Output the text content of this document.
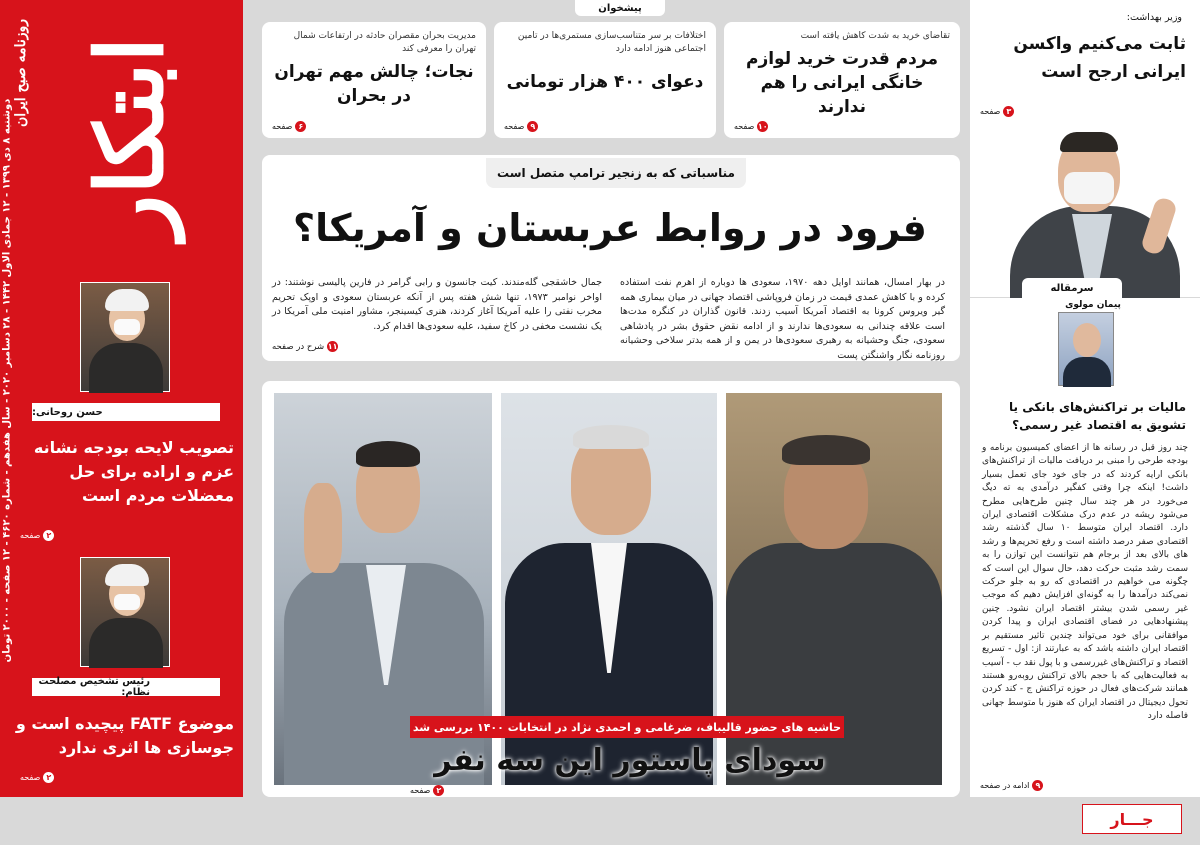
ابتکار
روزنامه صبح ایران
دوشنبه ۸ دی ۱۳۹۹ - ۱۲ جمادی الاول ۱۴۴۲ - ۲۸ دسامبر ۲۰۲۰ - سال هفدهم - شماره ۴۶۲۰ - ۱۲ صفحه - ۲۰۰۰ تومان
حسن روحانی:
تصویب لایحه بودجه نشانه عزم و اراده برای حل معضلات مردم است
۲
صفحه
رئیس تشخیص مصلحت نظام:
موضوع FATF پیچیده است و جوسازی ها اثری ندارد
۲
صفحه
پیشخوان
تقاضای خرید به شدت کاهش یافته است
مردم قدرت خرید لوازم خانگی ایرانی را هم ندارند
۱۰
صفحه
اختلافات بر سر متناسب‌سازی مستمری‌ها در تامین اجتماعی هنوز ادامه دارد
دعوای ۴۰۰ هزار تومانی
۹
صفحه
مدیریت بحران مقصران حادثه در ارتفاعات شمال تهران را معرفی کند
نجات؛ چالش مهم تهران در بحران
۶
صفحه
مناسباتی که به زنجیر ترامپ متصل است
فرود در روابط عربستان و آمریکا؟
در بهار امسال، همانند اوایل دهه ۱۹۷۰، سعودی ها دوباره از اهرم نفت استفاده کرده و با کاهش عمدی قیمت در زمان فروپاشی اقتصاد جهانی در میان بیماری همه گیر ویروس کرونا به اقتصاد آمریکا آسیب زدند. قانون گذاران در کنگره مدت‌ها است علاقه چندانی به سعودی‌ها ندارند و از ادامه نقض حقوق بشر در پادشاهی سعودی، جنگ وحشیانه به رهبری سعودی‌ها در یمن و از همه بدتر سلاخی وحشیانه روزنامه نگار واشنگتن پست
جمال خاشقجی گله‌مندند. کیت جانسون و رابی گرامر در فارین پالیسی نوشتند: در اواخر نوامبر ۱۹۷۳، تنها شش هفته پس از آنکه عربستان سعودی و اوپک تحریم مخرب نفتی را علیه آمریکا آغاز کردند، هنری کیسینجر، مشاور امنیت ملی آمریکا در یک نشست مخفی در کاخ سفید، علیه سعودی‌ها اقدام کرد.
۱۱
شرح در صفحه
حاشیه های حضور قالیباف، ضرغامی و احمدی نژاد در انتخابات ۱۴۰۰ بررسی شد
سودای پاستور این سه نفر
۲
صفحه
وزیر بهداشت:
ثابت می‌کنیم واکسن ایرانی ارجح است
۳
صفحه
مالیات بر تراکنش‌های بانکی یا تشویق به اقتصاد غیر رسمی؟
چند روز قبل در رسانه ها از اعضای کمیسیون برنامه و بودجه طرحی را مبنی بر دریافت مالیات از تراکنش‌های بانکی ارایه کردند که در جای خود جای تعمل بسیار داشت! اینکه چرا وقتی کفگیر درآمدی به ته دیگ می‌خورد در هر چند سال چنین طرح‌هایی مطرح می‌شود ریشه در عدم درک مشکلات اقتصادی ایران دارد. اقتصاد ایران متوسط ۱۰ سال گذشته رشد اقتصادی صفر درصد داشته است و رفع تحریم‌ها و رشد های بالای بعد از برجام هم نتوانست این توازن را به سمت رشد مثبت حرکت دهد، حال سوال این است که چگونه می خواهیم در اقتصادی که رو به جلو حرکت نمی‌کند درآمدها را به گونه‌ای افزایش دهیم که موجب غیر رسمی شدن بیشتر اقتصاد ایران نشود. چنین پیشنهادهایی در فضای اقتصادی ایران و پیدا کردن موافقانی برای خود می‌تواند چندین تاثیر مستقیم بر اقتصاد ایران داشته باشد که به عبارتند از: اول - تسریع اقتصاد و تراکنش‌های غیررسمی و با پول نقد ب - آسیب به فعالیت‌هایی که با حجم بالای تراکنش روبه‌رو هستند همانند شرکت‌های فعال در حوزه تراکنش ج - کند کردن تحول دیجیتال در اقتصاد ایران که هنوز با متوسط جهانی فاصله دارد
۹
ادامه در صفحه
سرمقاله
پیمان مولوی
جـــار
